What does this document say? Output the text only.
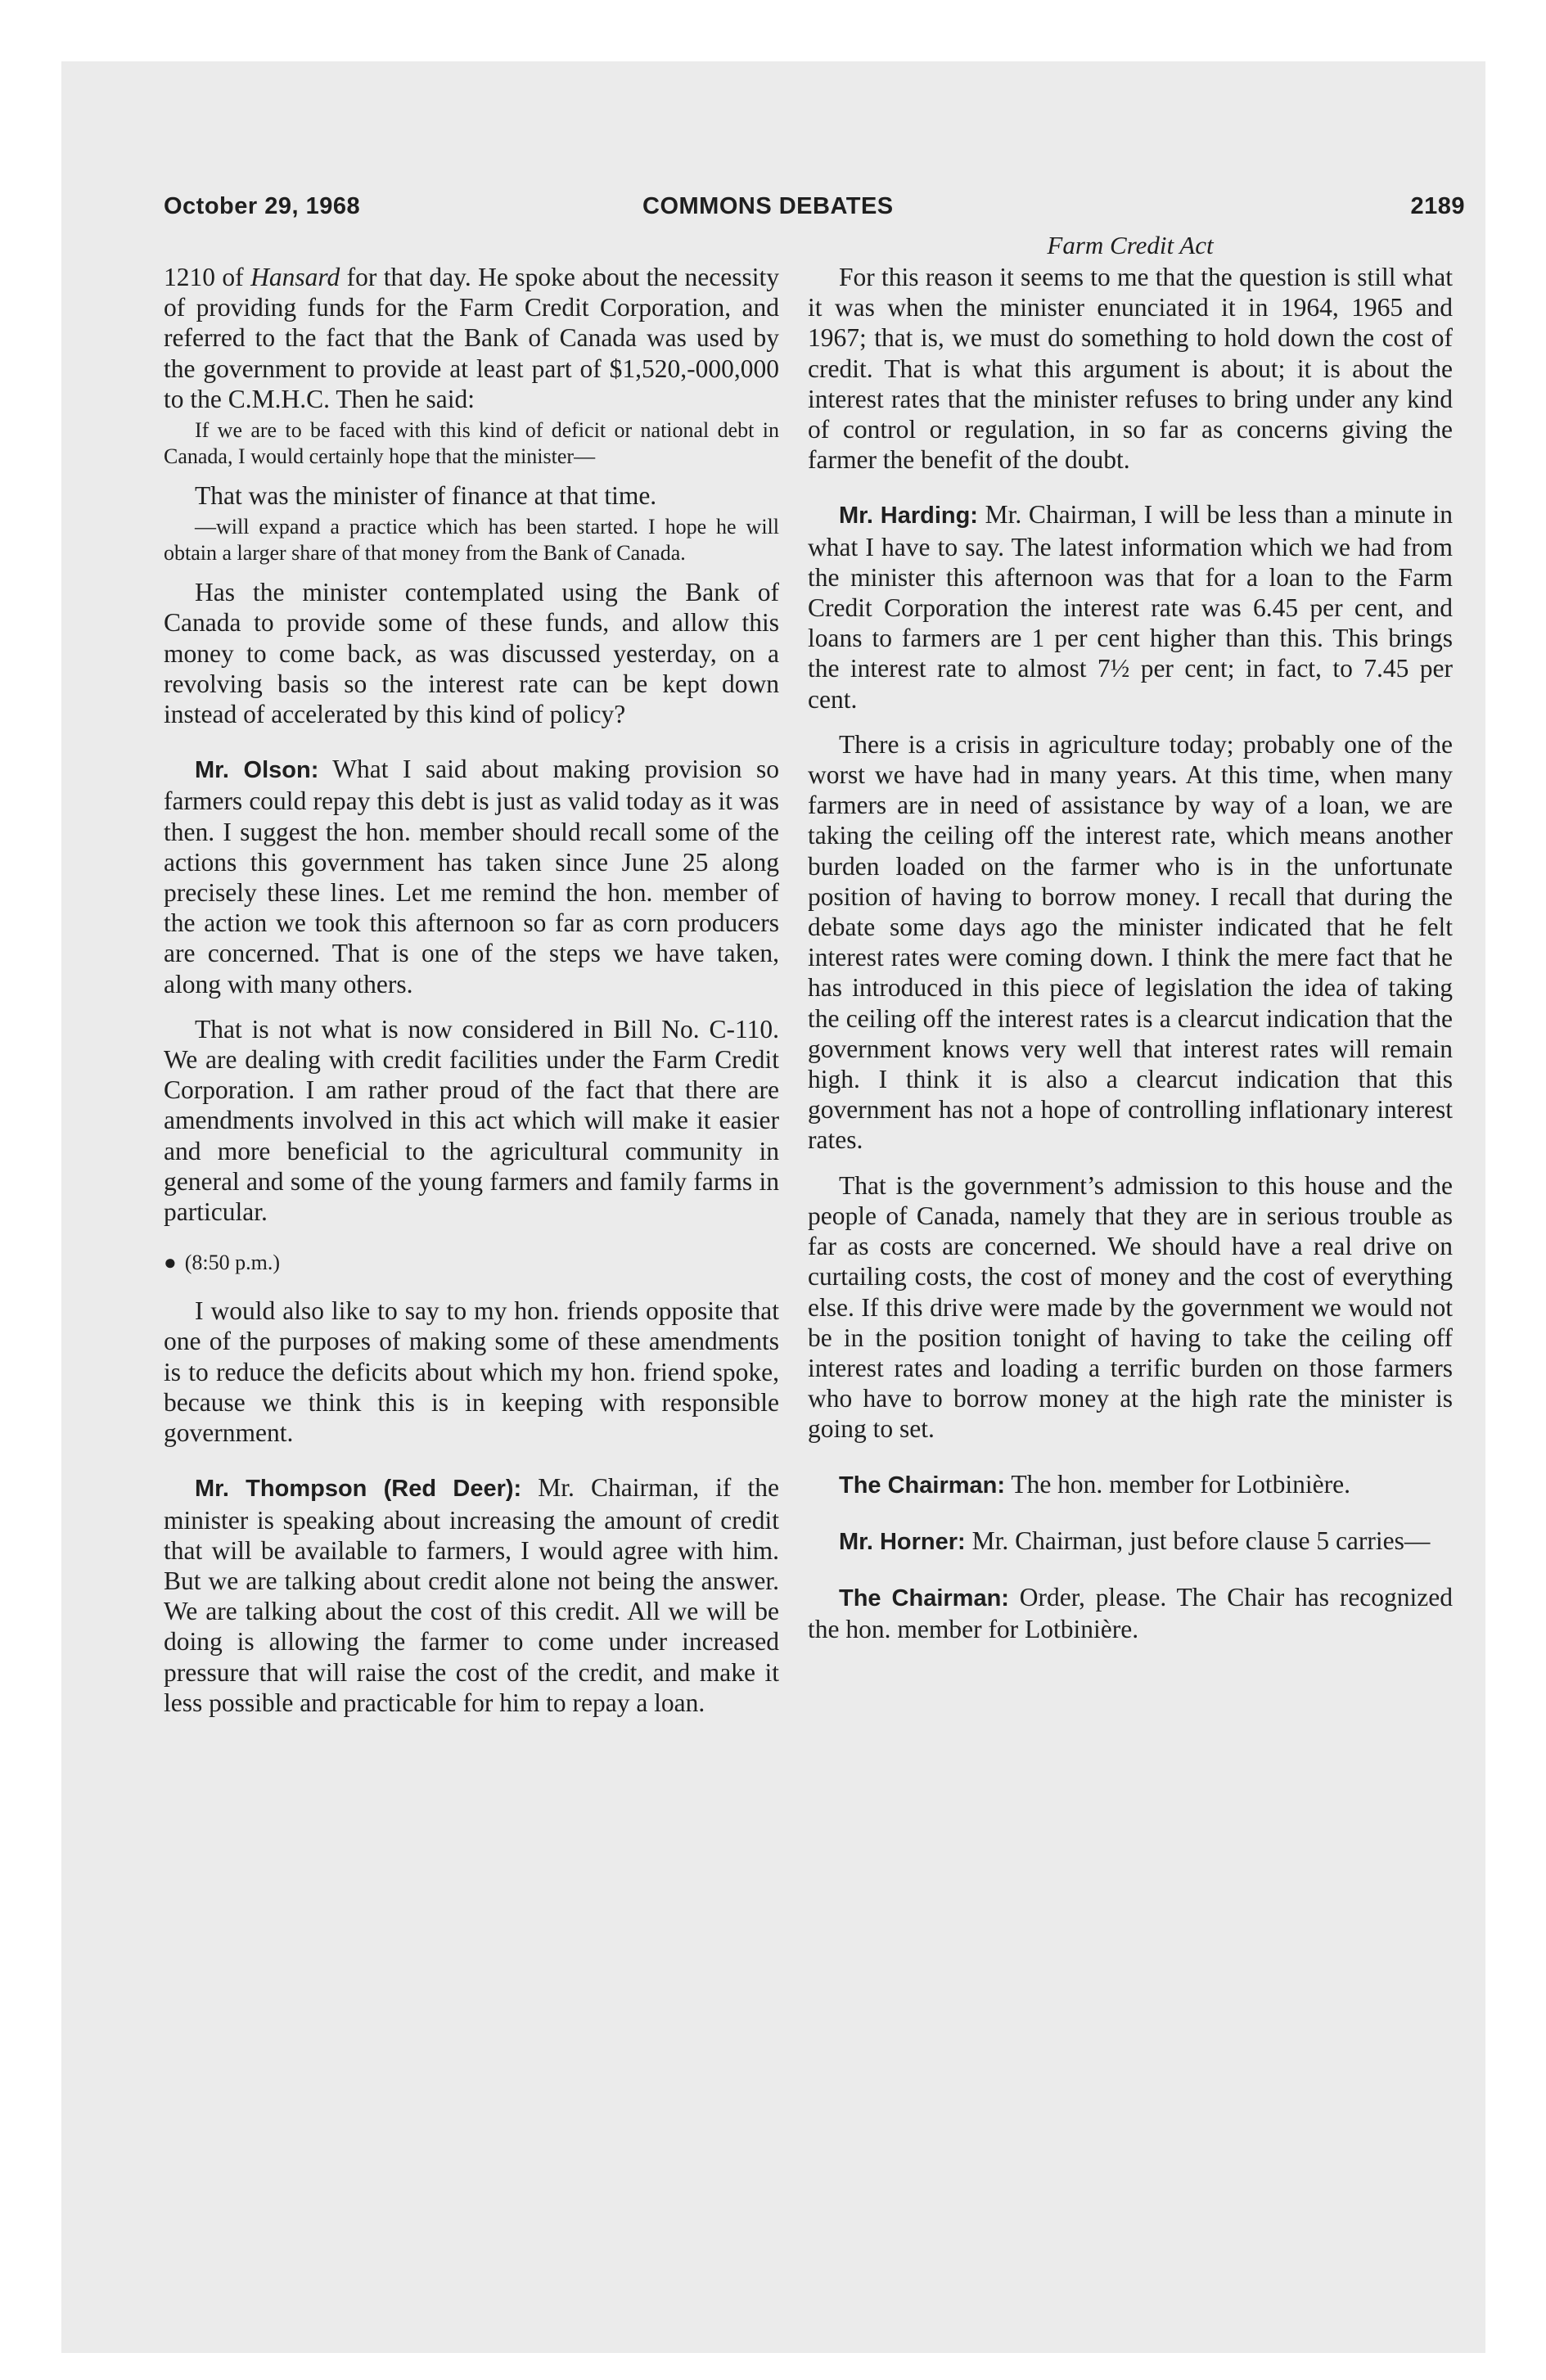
October 29, 1968	COMMONS DEBATES	2189

1210 of Hansard for that day. He spoke about the necessity of providing funds for the Farm Credit Corporation, and referred to the fact that the Bank of Canada was used by the government to provide at least part of $1,520,-000,000 to the C.M.H.C. Then he said:

If we are to be faced with this kind of deficit or national debt in Canada, I would certainly hope that the minister—

That was the minister of finance at that time.

—will expand a practice which has been started. I hope he will obtain a larger share of that money from the Bank of Canada.

Has the minister contemplated using the Bank of Canada to provide some of these funds, and allow this money to come back, as was discussed yesterday, on a revolving basis so the interest rate can be kept down instead of accelerated by this kind of policy?

Mr. Olson: What I said about making provision so farmers could repay this debt is just as valid today as it was then. I suggest the hon. member should recall some of the actions this government has taken since June 25 along precisely these lines. Let me remind the hon. member of the action we took this afternoon so far as corn producers are concerned. That is one of the steps we have taken, along with many others.

That is not what is now considered in Bill No. C-110. We are dealing with credit facilities under the Farm Credit Corporation. I am rather proud of the fact that there are amendments involved in this act which will make it easier and more beneficial to the agricultural community in general and some of the young farmers and family farms in particular.

● (8:50 p.m.)

I would also like to say to my hon. friends opposite that one of the purposes of making some of these amendments is to reduce the deficits about which my hon. friend spoke, because we think this is in keeping with responsible government.

Mr. Thompson (Red Deer): Mr. Chairman, if the minister is speaking about increasing the amount of credit that will be available to farmers, I would agree with him. But we are talking about credit alone not being the answer. We are talking about the cost of this credit. All we will be doing is allowing the farmer to come under increased pressure that will raise the cost of the credit, and make it less possible and practicable for him to repay a loan.

Farm Credit Act

For this reason it seems to me that the question is still what it was when the minister enunciated it in 1964, 1965 and 1967; that is, we must do something to hold down the cost of credit. That is what this argument is about; it is about the interest rates that the minister refuses to bring under any kind of control or regulation, in so far as concerns giving the farmer the benefit of the doubt.

Mr. Harding: Mr. Chairman, I will be less than a minute in what I have to say. The latest information which we had from the minister this afternoon was that for a loan to the Farm Credit Corporation the interest rate was 6.45 per cent, and loans to farmers are 1 per cent higher than this. This brings the interest rate to almost 7½ per cent; in fact, to 7.45 per cent.

There is a crisis in agriculture today; probably one of the worst we have had in many years. At this time, when many farmers are in need of assistance by way of a loan, we are taking the ceiling off the interest rate, which means another burden loaded on the farmer who is in the unfortunate position of having to borrow money. I recall that during the debate some days ago the minister indicated that he felt interest rates were coming down. I think the mere fact that he has introduced in this piece of legislation the idea of taking the ceiling off the interest rates is a clearcut indication that the government knows very well that interest rates will remain high. I think it is also a clearcut indication that this government has not a hope of controlling inflationary interest rates.

That is the government’s admission to this house and the people of Canada, namely that they are in serious trouble as far as costs are concerned. We should have a real drive on curtailing costs, the cost of money and the cost of everything else. If this drive were made by the government we would not be in the position tonight of having to take the ceiling off interest rates and loading a terrific burden on those farmers who have to borrow money at the high rate the minister is going to set.

The Chairman: The hon. member for Lotbinière.

Mr. Horner: Mr. Chairman, just before clause 5 carries—

The Chairman: Order, please. The Chair has recognized the hon. member for Lotbinière.
